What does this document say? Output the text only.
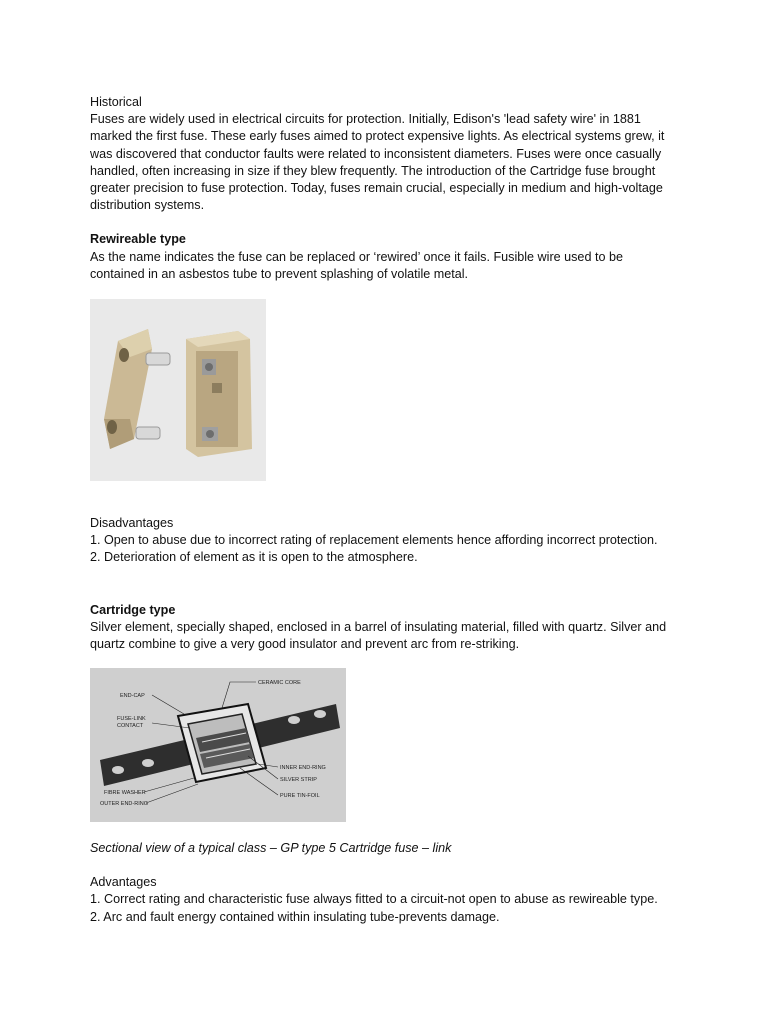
Historical

Fuses are widely used in electrical circuits for protection. Initially, Edison's 'lead safety wire' in 1881

marked the first fuse. These early fuses aimed to protect expensive lights. As electrical systems grew, it

was discovered that conductor faults were related to inconsistent diameters. Fuses were once casually

handled, often increasing in size if they blew frequently. The introduction of the Cartridge fuse brought

greater precision to fuse protection. Today, fuses remain crucial, especially in medium and high-voltage

distribution systems.

Rewireable type

As the name indicates the fuse can be replaced or ‘rewired’ once it fails. Fusible wire used to be

contained in an asbestos tube to prevent splashing of volatile metal.

Disadvantages

1. Open to abuse due to incorrect rating of replacement elements hence affording incorrect protection.

2. Deterioration of element as it is open to the atmosphere.

Cartridge type

Silver element, specially shaped, enclosed in a barrel of insulating material, filled with quartz. Silver and

quartz combine to give a very good insulator and prevent arc from re-striking.

CERAMIC CORE
END-CAP
FUSE-LINK
CONTACT
INNER END-RING
SILVER STRIP
FIBRE WASHER
OUTER END-RING
PURE TIN-FOIL

Sectional view of a typical class – GP type 5 Cartridge fuse – link

Advantages

1. Correct rating and characteristic fuse always fitted to a circuit-not open to abuse as rewireable type.

2. Arc and fault energy contained within insulating tube-prevents damage.
